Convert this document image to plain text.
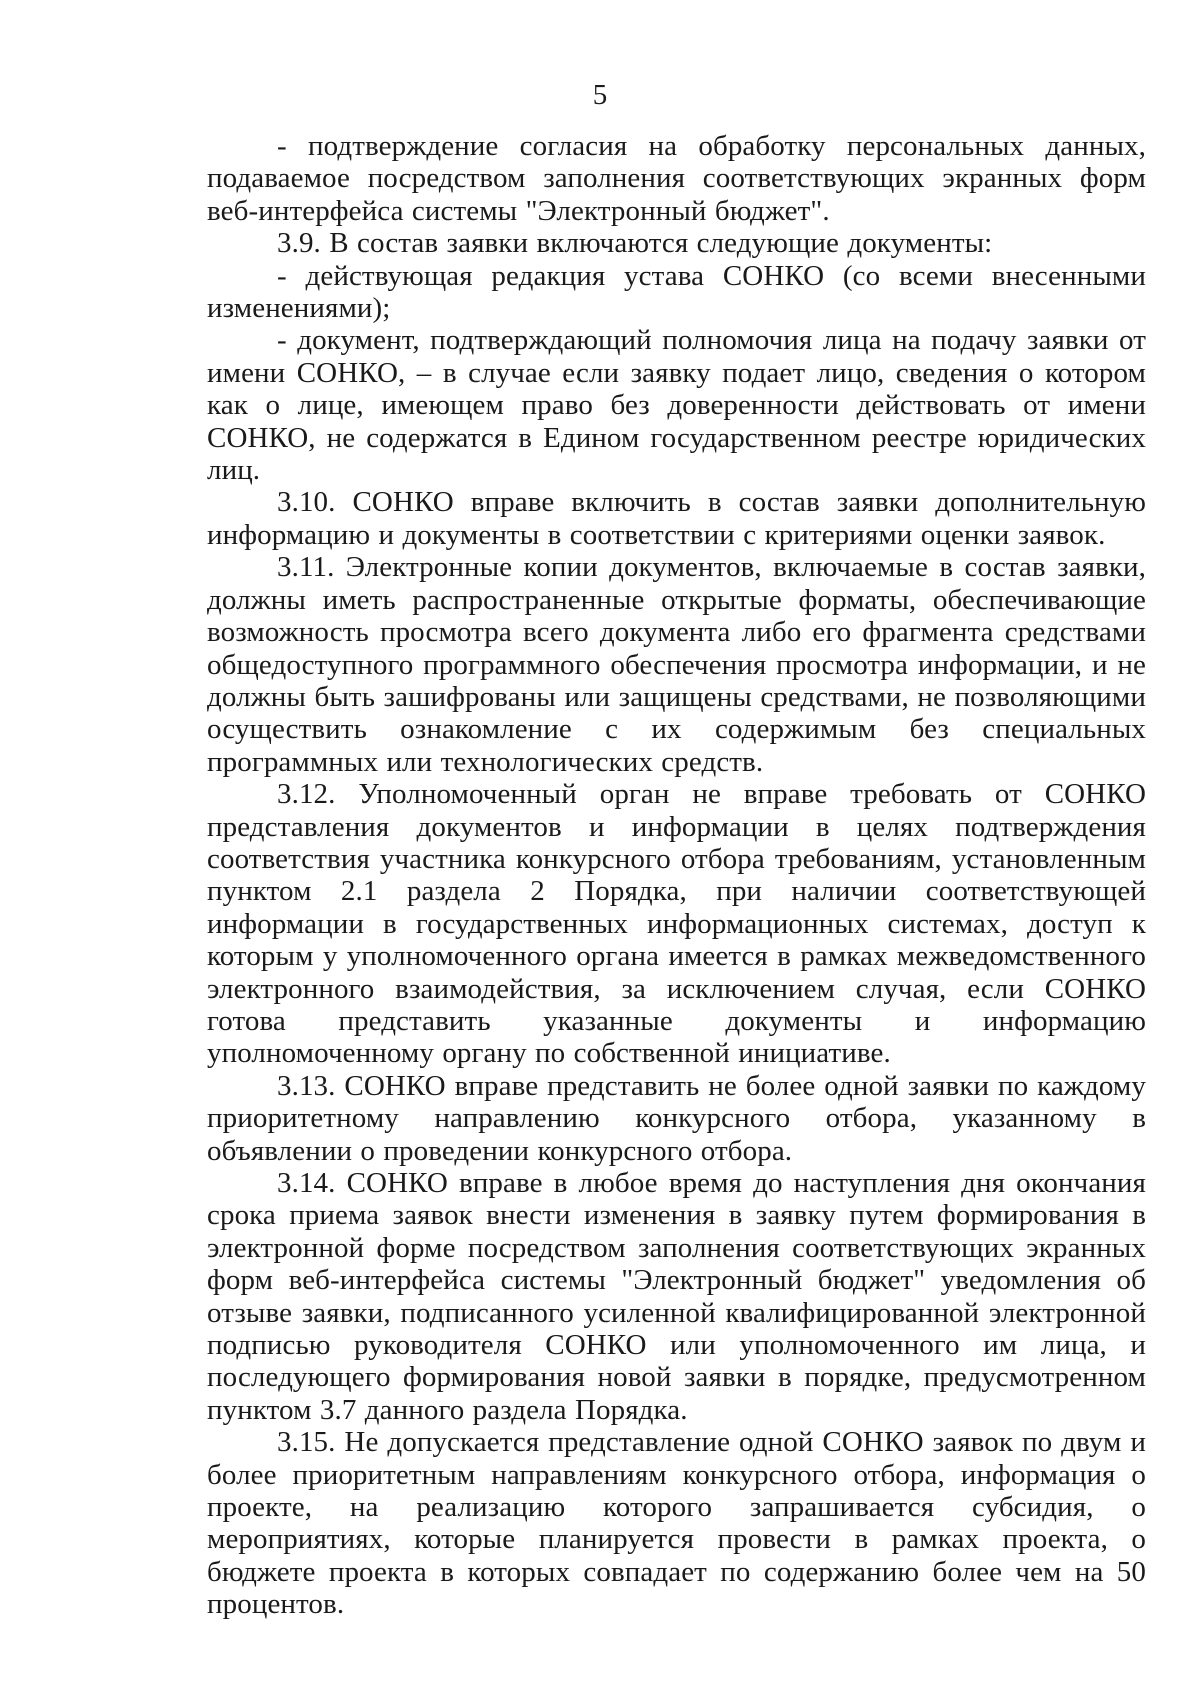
5

- подтверждение согласия на обработку персональных данных, подаваемое посредством заполнения соответствующих экранных форм веб-интерфейса системы "Электронный бюджет".

3.9. В состав заявки включаются следующие документы:

- действующая редакция устава СОНКО (со всеми внесенными изменениями);

- документ, подтверждающий полномочия лица на подачу заявки от имени СОНКО, – в случае если заявку подает лицо, сведения о котором как о лице, имеющем право без доверенности действовать от имени СОНКО, не содержатся в Едином государственном реестре юридических лиц.

3.10. СОНКО вправе включить в состав заявки дополнительную информацию и документы в соответствии с критериями оценки заявок.

3.11. Электронные копии документов, включаемые в состав заявки, должны иметь распространенные открытые форматы, обеспечивающие возможность просмотра всего документа либо его фрагмента средствами общедоступного программного обеспечения просмотра информации, и не должны быть зашифрованы или защищены средствами, не позволяющими осуществить ознакомление с их содержимым без специальных программных или технологических средств.

3.12. Уполномоченный орган не вправе требовать от СОНКО представления документов и информации в целях подтверждения соответствия участника конкурсного отбора требованиям, установленным пунктом 2.1 раздела 2 Порядка, при наличии соответствующей информации в государственных информационных системах, доступ к которым у уполномоченного органа имеется в рамках межведомственного электронного взаимодействия, за исключением случая, если СОНКО готова представить указанные документы и информацию уполномоченному органу по собственной инициативе.

3.13. СОНКО вправе представить не более одной заявки по каждому приоритетному направлению конкурсного отбора, указанному в объявлении о проведении конкурсного отбора.

3.14. СОНКО вправе в любое время до наступления дня окончания срока приема заявок внести изменения в заявку путем формирования в электронной форме посредством заполнения соответствующих экранных форм веб-интерфейса системы "Электронный бюджет" уведомления об отзыве заявки, подписанного усиленной квалифицированной электронной подписью руководителя СОНКО или уполномоченного им лица, и последующего формирования новой заявки в порядке, предусмотренном пунктом 3.7 данного раздела Порядка.

3.15. Не допускается представление одной СОНКО заявок по двум и более приоритетным направлениям конкурсного отбора, информация о проекте, на реализацию которого запрашивается субсидия, о мероприятиях, которые планируется провести в рамках проекта, о бюджете проекта в которых совпадает по содержанию более чем на 50 процентов.
